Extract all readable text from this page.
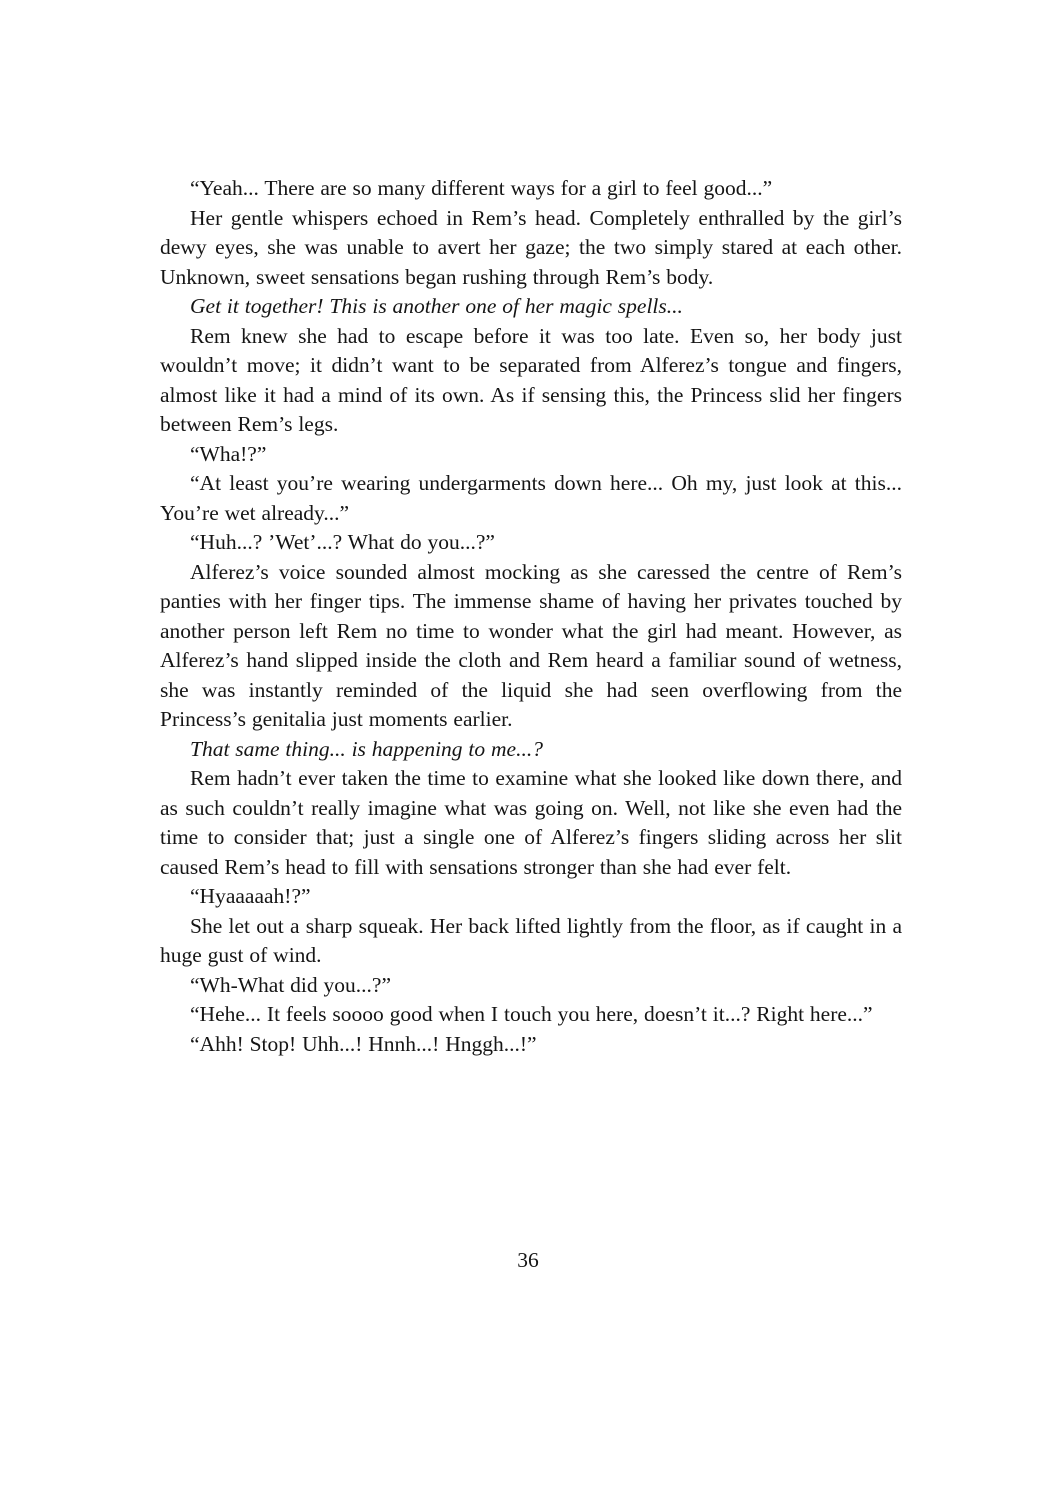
“Yeah... There are so many different ways for a girl to feel good...”

Her gentle whispers echoed in Rem’s head. Completely enthralled by the girl’s dewy eyes, she was unable to avert her gaze; the two simply stared at each other. Unknown, sweet sensations began rushing through Rem’s body.

Get it together! This is another one of her magic spells...

Rem knew she had to escape before it was too late. Even so, her body just wouldn’t move; it didn’t want to be separated from Alferez’s tongue and fingers, almost like it had a mind of its own. As if sensing this, the Princess slid her fingers between Rem’s legs.

“Wha!?”

“At least you’re wearing undergarments down here... Oh my, just look at this... You’re wet already...”

“Huh...? ’Wet’...? What do you...?”

Alferez’s voice sounded almost mocking as she caressed the centre of Rem’s panties with her finger tips. The immense shame of having her privates touched by another person left Rem no time to wonder what the girl had meant. However, as Alferez’s hand slipped inside the cloth and Rem heard a familiar sound of wetness, she was instantly reminded of the liquid she had seen overflowing from the Princess’s genitalia just moments earlier.

That same thing... is happening to me...?

Rem hadn’t ever taken the time to examine what she looked like down there, and as such couldn’t really imagine what was going on. Well, not like she even had the time to consider that; just a single one of Alferez’s fingers sliding across her slit caused Rem’s head to fill with sensations stronger than she had ever felt.

“Hyaaaaah!?”

She let out a sharp squeak. Her back lifted lightly from the floor, as if caught in a huge gust of wind.

“Wh-What did you...?”

“Hehe... It feels soooo good when I touch you here, doesn’t it...? Right here...”

“Ahh! Stop! Uhh...! Hnnh...! Hnggh...!”

36
